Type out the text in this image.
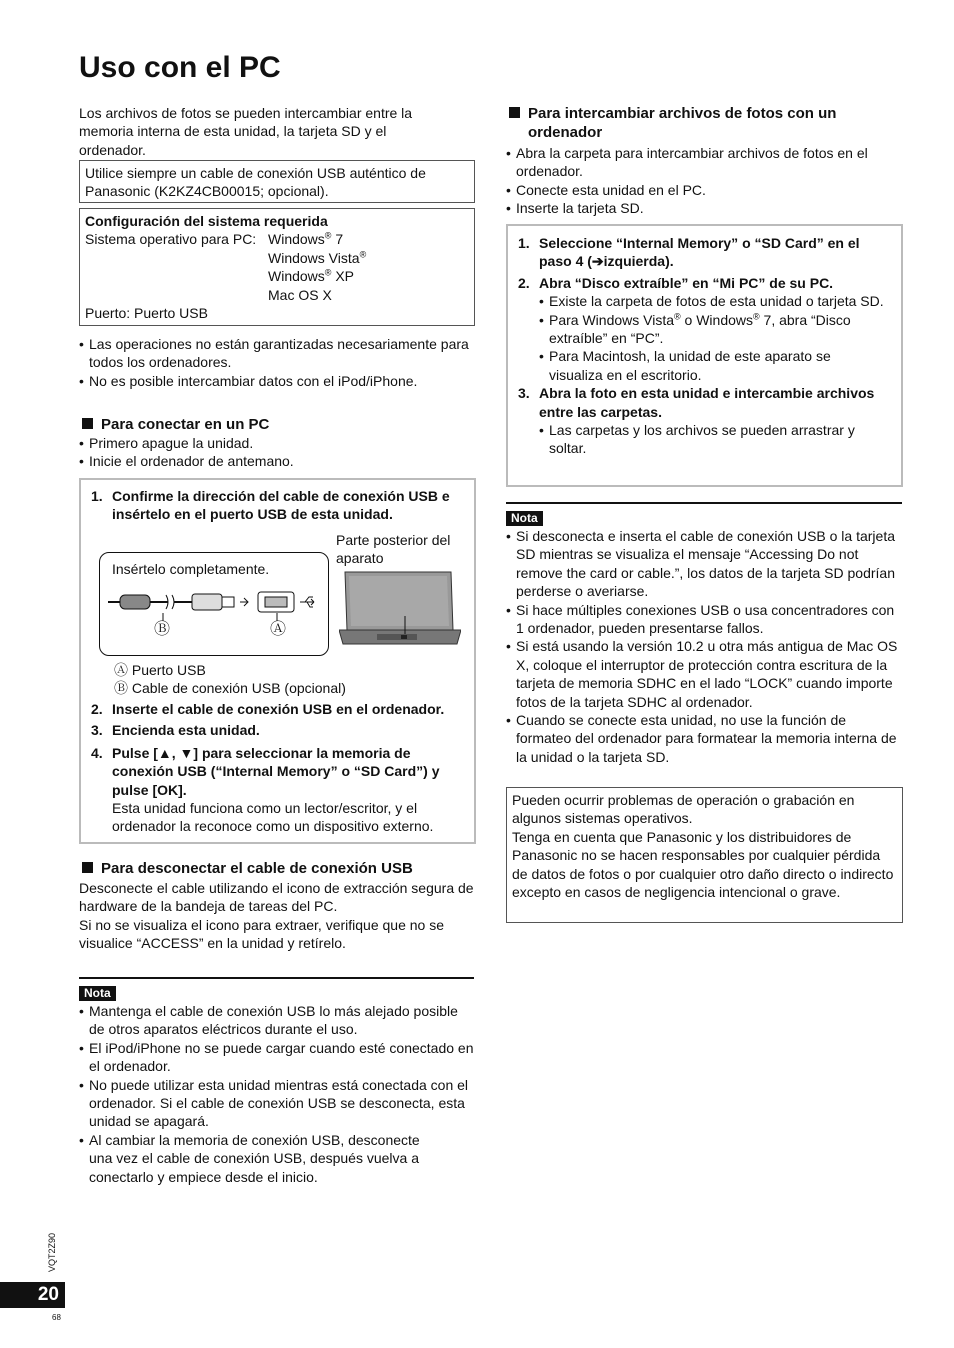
Uso con el PC

Los archivos de fotos se pueden intercambiar entre la memoria interna de esta unidad, la tarjeta SD y el ordenador.

Utilice siempre un cable de conexión USB auténtico de Panasonic (K2KZ4CB00015; opcional).

Configuración del sistema requerida

Sistema operativo para PC: Windows® 7
Windows Vista®
Windows® XP
Mac OS X

Puerto: Puerto USB

• Las operaciones no están garantizadas necesariamente para todos los ordenadores.
• No es posible intercambiar datos con el iPod/iPhone.
Para conectar en un PC
• Primero apague la unidad.
• Inicie el ordenador de antemano.
1. Confirme la dirección del cable de conexión USB e insértelo en el puerto USB de esta unidad.
Insértelo completamente.
Ⓑ	Ⓐ
Parte posterior del aparato

Ⓐ Puerto USB

Ⓑ Cable de conexión USB (opcional)

2. Inserte el cable de conexión USB en el ordenador.
3. Encienda esta unidad.
4. Pulse [▲, ▼] para seleccionar la memoria de conexión USB (“Internal Memory” o “SD Card”) y pulse [OK].

Esta unidad funciona como un lector/escritor, y el ordenador la reconoce como un dispositivo externo.

Para desconectar el cable de conexión USB

Desconecte el cable utilizando el icono de extracción segura de hardware de la bandeja de tareas del PC.

Si no se visualiza el icono para extraer, verifique que no se visualice “ACCESS” en la unidad y retírelo.

Nota
• Mantenga el cable de conexión USB lo más alejado posible de otros aparatos eléctricos durante el uso.
• El iPod/iPhone no se puede cargar cuando esté conectado en el ordenador.
• No puede utilizar esta unidad mientras está conectada con el ordenador. Si el cable de conexión USB se desconecta, esta unidad se apagará.
• Al cambiar la memoria de conexión USB, desconecte una vez el cable de conexión USB, después vuelva a conectarlo y empiece desde el inicio.
Para intercambiar archivos de fotos con un ordenador
• Abra la carpeta para intercambiar archivos de fotos en el ordenador.
• Conecte esta unidad en el PC.
• Inserte la tarjeta SD.
1. Seleccione “Internal Memory” o “SD Card” en el paso 4 (➔izquierda).
2. Abra “Disco extraíble” en “Mi PC” de su PC.
• Existe la carpeta de fotos de esta unidad o tarjeta SD.
• Para Windows Vista® o Windows® 7, abra “Disco extraíble” en “PC”.
• Para Macintosh, la unidad de este aparato se visualiza en el escritorio.
3. Abra la foto en esta unidad e intercambie archivos entre las carpetas.
• Las carpetas y los archivos se pueden arrastrar y soltar.
Nota
• Si desconecta e inserta el cable de conexión USB o la tarjeta SD mientras se visualiza el mensaje “Accessing Do not remove the card or cable.”, los datos de la tarjeta SD podrían perderse o averiarse.
• Si hace múltiples conexiones USB o usa concentradores con 1 ordenador, pueden presentarse fallos.
• Si está usando la versión 10.2 u otra más antigua de Mac OS X, coloque el interruptor de protección contra escritura de la tarjeta de memoria SDHC en el lado “LOCK” cuando importe fotos de la tarjeta SDHC al ordenador.
• Cuando se conecte esta unidad, no use la función de formateo del ordenador para formatear la memoria interna de la unidad o la tarjeta SD.

Pueden ocurrir problemas de operación o grabación en algunos sistemas operativos.

Tenga en cuenta que Panasonic y los distribuidores de Panasonic no se hacen responsables por cualquier pérdida de datos de fotos o por cualquier otro daño directo o indirecto excepto en casos de negligencia intencional o grave.

VQT2Z90
20
68
